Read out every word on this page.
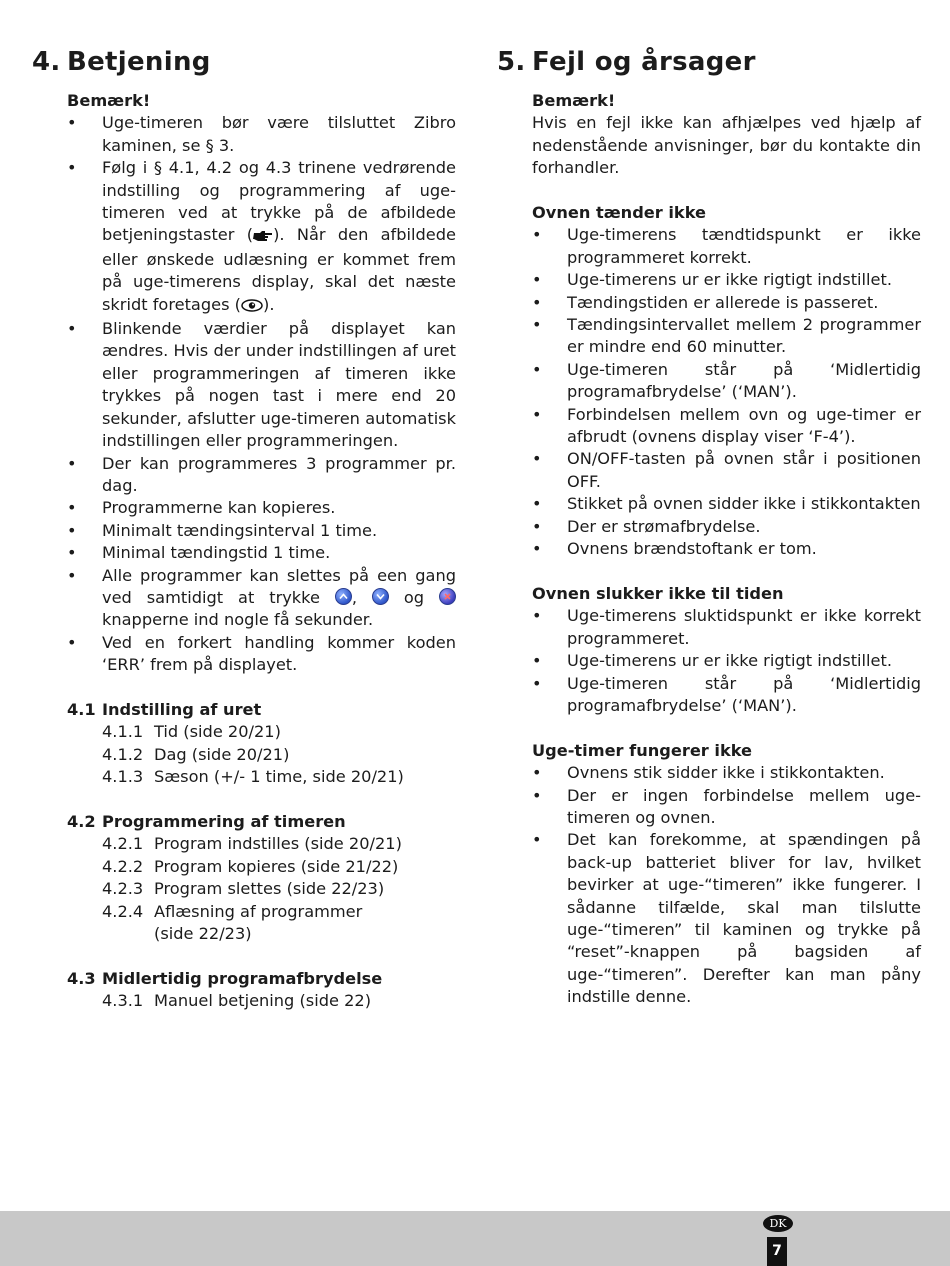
4. Betjening
Bemærk!
• Uge-timeren bør være tilsluttet Zibro kaminen, se § 3.
• Følg i § 4.1, 4.2 og 4.3 trinene vedrørende indstilling og programmering af uge-timeren ved at trykke på de afbildede betjeningstaster ( ). Når den afbildede eller ønskede udlæsning er kommet frem på uge-timerens display, skal det næste skridt foretages ( ).
• Blinkende værdier på displayet kan ændres. Hvis der under indstillingen af uret eller programmeringen af timeren ikke trykkes på nogen tast i mere end 20 sekunder, afslutter uge-timeren automatisk indstillingen eller programmeringen.
• Der kan programmeres 3 programmer pr. dag.
• Programmerne kan kopieres.
• Minimalt tændingsinterval 1 time.
• Minimal tændingstid 1 time.
• Alle programmer kan slettes på een gang ved samtidigt at trykke
,
og
knapperne ind nogle få sekunder.
• Ved en forkert handling kommer koden ‘ERR’ frem på displayet.
4.1 Indstilling af uret
4.1.1 Tid (side 20/21)
4.1.2 Dag (side 20/21)
4.1.3 Sæson (+/- 1 time, side 20/21)
4.2 Programmering af timeren
4.2.1 Program indstilles (side 20/21)
4.2.2 Program kopieres (side 21/22)
4.2.3 Program slettes (side 22/23)
4.2.4 Aflæsning af programmer (side 22/23)
4.3 Midlertidig programafbrydelse
4.3.1 Manuel betjening (side 22)
5. Fejl og årsager
Bemærk!
Hvis en fejl ikke kan afhjælpes ved hjælp af nedenstående anvisninger, bør du kontakte din forhandler.
Ovnen tænder ikke
• Uge-timerens tændtidspunkt er ikke programmeret korrekt.
• Uge-timerens ur er ikke rigtigt indstillet.
• Tændingstiden er allerede is passeret.
• Tændingsintervallet mellem 2 programmer er mindre end 60 minutter.
• Uge-timeren står på ‘Midlertidig programafbrydelse’ (‘MAN’).
• Forbindelsen mellem ovn og uge-timer er afbrudt (ovnens display viser ‘F-4’).
• ON/OFF-tasten på ovnen står i positionen OFF.
• Stikket på ovnen sidder ikke i stikkontakten
• Der er strømafbrydelse.
• Ovnens brændstoftank er tom.
Ovnen slukker ikke til tiden
• Uge-timerens sluktidspunkt er ikke korrekt programmeret.
• Uge-timerens ur er ikke rigtigt indstillet.
• Uge-timeren står på ‘Midlertidig programafbrydelse’ (‘MAN’).
Uge-timer fungerer ikke
• Ovnens stik sidder ikke i stikkontakten.
• Der er ingen forbindelse mellem uge-timeren og ovnen.
• Det kan forekomme, at spændingen på back-up batteriet bliver for lav, hvilket bevirker at uge-“timeren” ikke fungerer. I sådanne tilfælde, skal man tilslutte uge-“timeren” til kaminen og trykke på “reset”-knappen på bagsiden af uge-“timeren”. Derefter kan man påny indstille denne.
DK
7
